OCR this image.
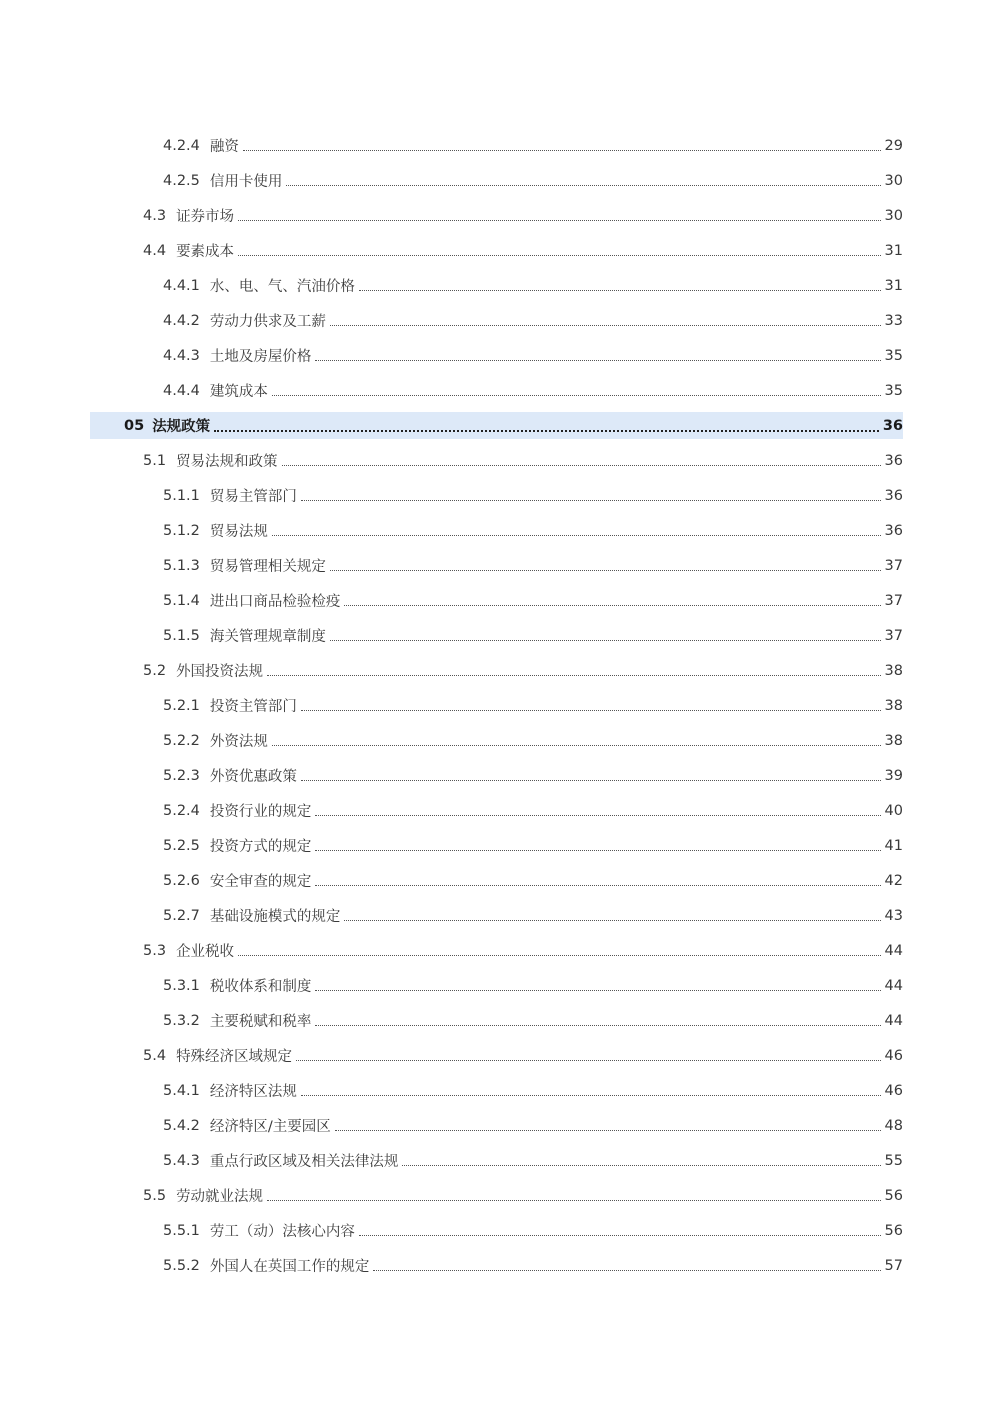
4.2.4 融资	29
4.2.5 信用卡使用	30
4.3 证券市场	30
4.4 要素成本	31
4.4.1 水、电、气、汽油价格	31
4.4.2 劳动力供求及工薪	33
4.4.3 土地及房屋价格	35
4.4.4 建筑成本	35
05 法规政策	36
5.1 贸易法规和政策	36
5.1.1 贸易主管部门	36
5.1.2 贸易法规	36
5.1.3 贸易管理相关规定	37
5.1.4 进出口商品检验检疫	37
5.1.5 海关管理规章制度	37
5.2 外国投资法规	38
5.2.1 投资主管部门	38
5.2.2 外资法规	38
5.2.3 外资优惠政策	39
5.2.4 投资行业的规定	40
5.2.5 投资方式的规定	41
5.2.6 安全审查的规定	42
5.2.7 基础设施模式的规定	43
5.3 企业税收	44
5.3.1 税收体系和制度	44
5.3.2 主要税赋和税率	44
5.4 特殊经济区域规定	46
5.4.1 经济特区法规	46
5.4.2 经济特区/主要园区	48
5.4.3 重点行政区域及相关法律法规	55
5.5 劳动就业法规	56
5.5.1 劳工（动）法核心内容	56
5.5.2 外国人在英国工作的规定	57
